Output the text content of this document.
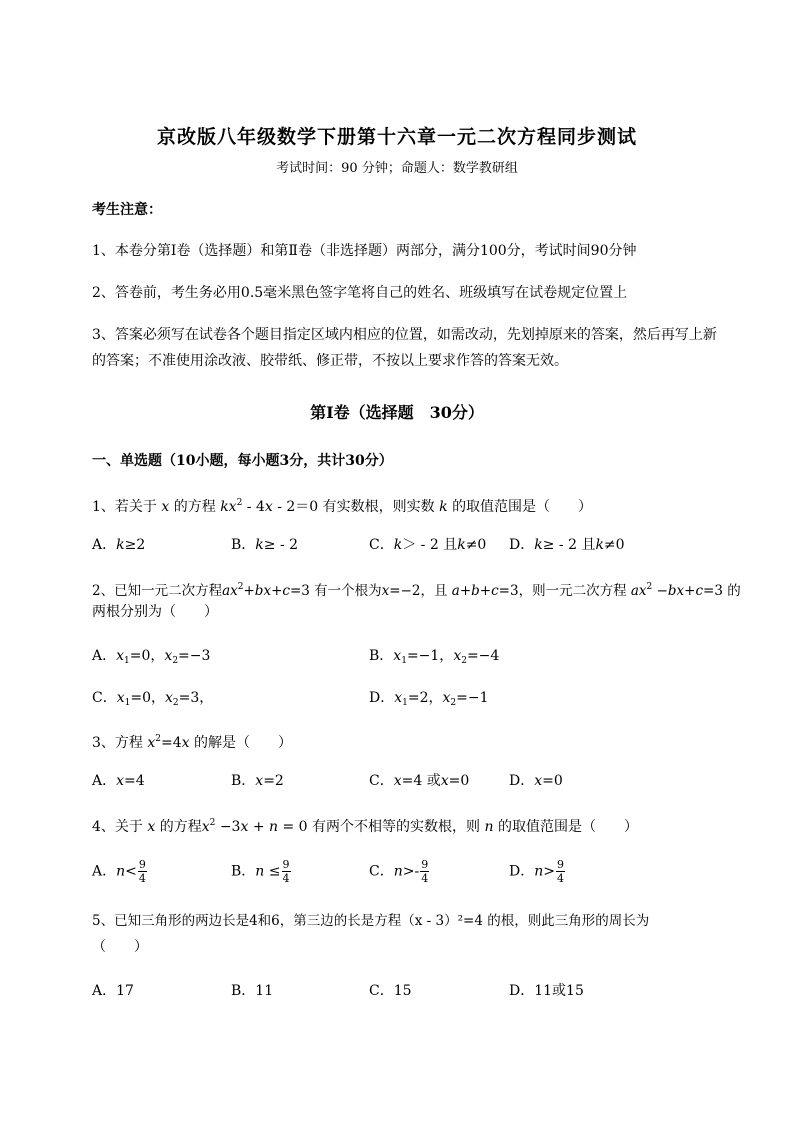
京改版八年级数学下册第十六章一元二次方程同步测试
考试时间：90 分钟；命题人：数学教研组
考生注意：
1、本卷分第I卷（选择题）和第Ⅱ卷（非选择题）两部分，满分100分，考试时间90分钟
2、答卷前，考生务必用0.5毫米黑色签字笔将自己的姓名、班级填写在试卷规定位置上
3、答案必须写在试卷各个题目指定区域内相应的位置，如需改动，先划掉原来的答案，然后再写上新
的答案；不准使用涂改液、胶带纸、修正带，不按以上要求作答的答案无效。
第I卷（选择题　30分）
一、单选题（10小题，每小题3分，共计30分）
1、若关于 x 的方程 $kx^2 - 4x - 2=0$ 有实数根，则实数 k 的取值范围是（　　）
A．k≥2	B．k≥ - 2	C．k＞ - 2 且k≠0 D．k≥ - 2 且k≠0
2、已知一元二次方程$ax^2+bx+c=3$ 有一个根为x=−2，且 a+b+c=3，则一元二次方程 $ax^2 -bx+c=3$ 的
两根分别为（　　）
A．$x_1=0$，$x_2=-3$	B．$x_1=-1$，$x_2=-4$
C．$x_1=0$，$x_2=3$，	D．$x_1=2$，$x_2=-1$
3、方程 $x^2=4x$ 的解是（　　）
A．x=4	B．x=2	C．x=4 或x=0	D．x=0
4、关于 x 的方程$x^2 -3x + n = 0$ 有两个不相等的实数根，则 n 的取值范围是（　　）
A．$n< \frac{9}{4}$	B．$n \le \frac{9}{4}$	C．$n>- \frac{9}{4}$	D．$n> \frac{9}{4}$
5、已知三角形的两边长是4和6，第三边的长是方程（x - 3）²=4 的根，则此三角形的周长为
（　　）
A．17	B．11	C．15	D．11或15
